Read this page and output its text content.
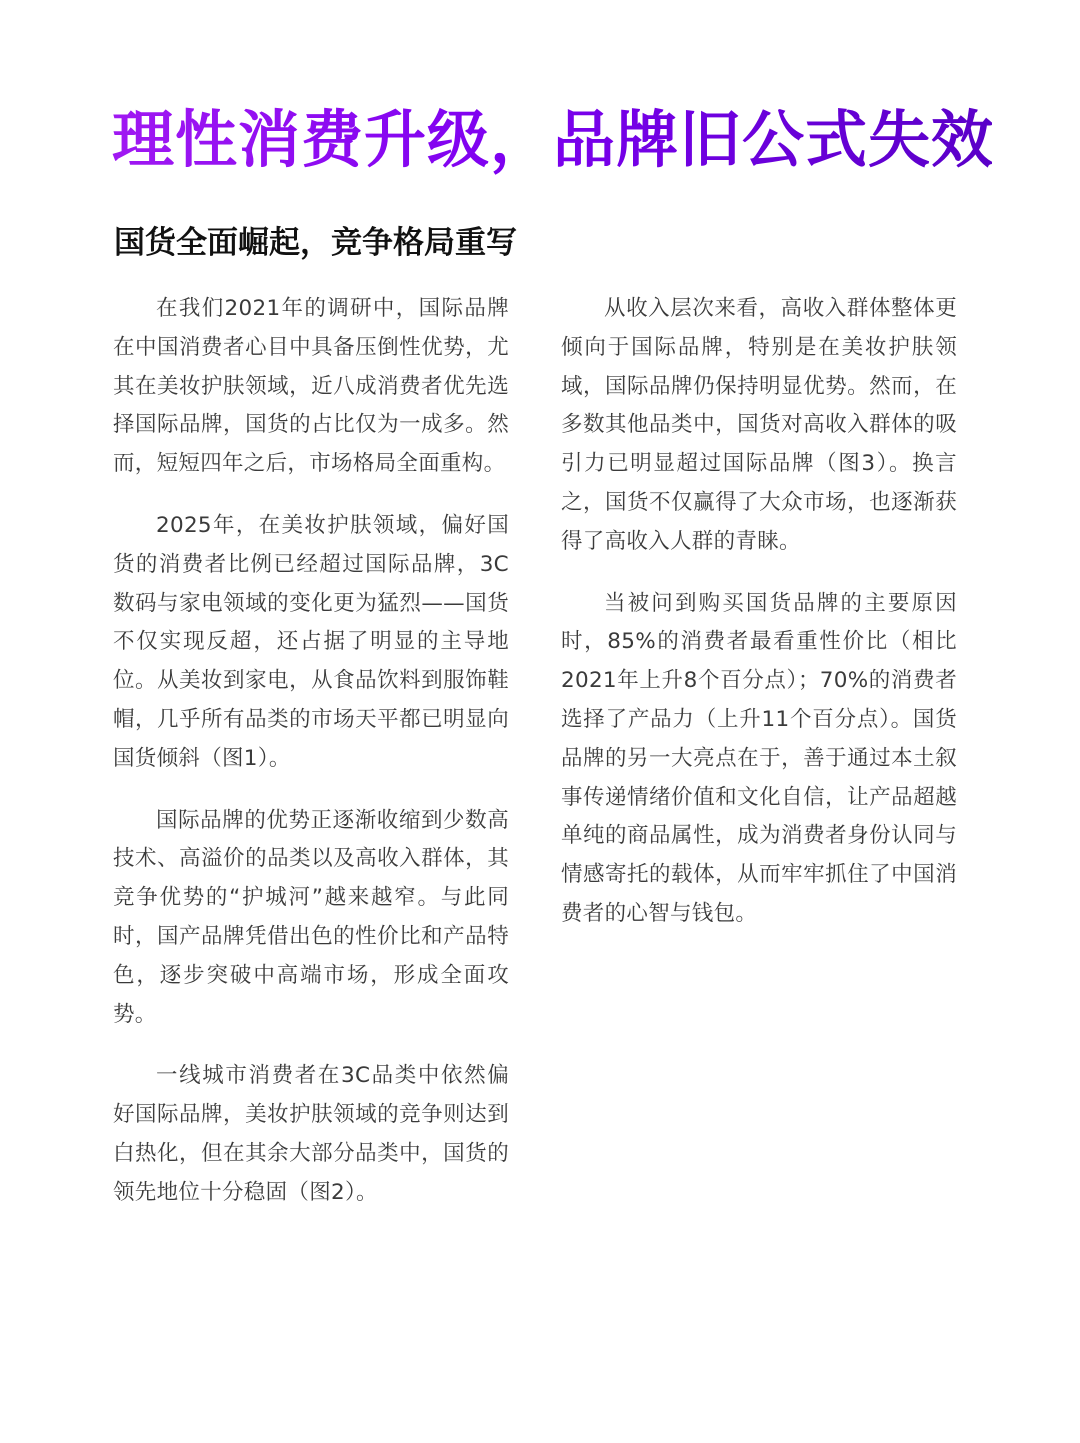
理性消费升级，品牌旧公式失效
国货全面崛起，竞争格局重写

在我们2021年的调研中，国际品牌在中国消费者心目中具备压倒性优势，尤其在美妆护肤领域，近八成消费者优先选择国际品牌，国货的占比仅为一成多。然而，短短四年之后，市场格局全面重构。

2025年，在美妆护肤领域，偏好国货的消费者比例已经超过国际品牌，3C数码与家电领域的变化更为猛烈——国货不仅实现反超，还占据了明显的主导地位。从美妆到家电，从食品饮料到服饰鞋帽，几乎所有品类的市场天平都已明显向国货倾斜（图1）。

国际品牌的优势正逐渐收缩到少数高技术、高溢价的品类以及高收入群体，其竞争优势的“护城河”越来越窄。与此同时，国产品牌凭借出色的性价比和产品特色，逐步突破中高端市场，形成全面攻势。

一线城市消费者在3C品类中依然偏好国际品牌，美妆护肤领域的竞争则达到白热化，但在其余大部分品类中，国货的领先地位十分稳固（图2）。

从收入层次来看，高收入群体整体更倾向于国际品牌，特别是在美妆护肤领域，国际品牌仍保持明显优势。然而，在多数其他品类中，国货对高收入群体的吸引力已明显超过国际品牌（图3）。换言之，国货不仅赢得了大众市场，也逐渐获得了高收入人群的青睐。

当被问到购买国货品牌的主要原因时，85%的消费者最看重性价比（相比2021年上升8个百分点）；70%的消费者选择了产品力（上升11个百分点）。国货品牌的另一大亮点在于，善于通过本土叙事传递情绪价值和文化自信，让产品超越单纯的商品属性，成为消费者身份认同与情感寄托的载体，从而牢牢抓住了中国消费者的心智与钱包。
